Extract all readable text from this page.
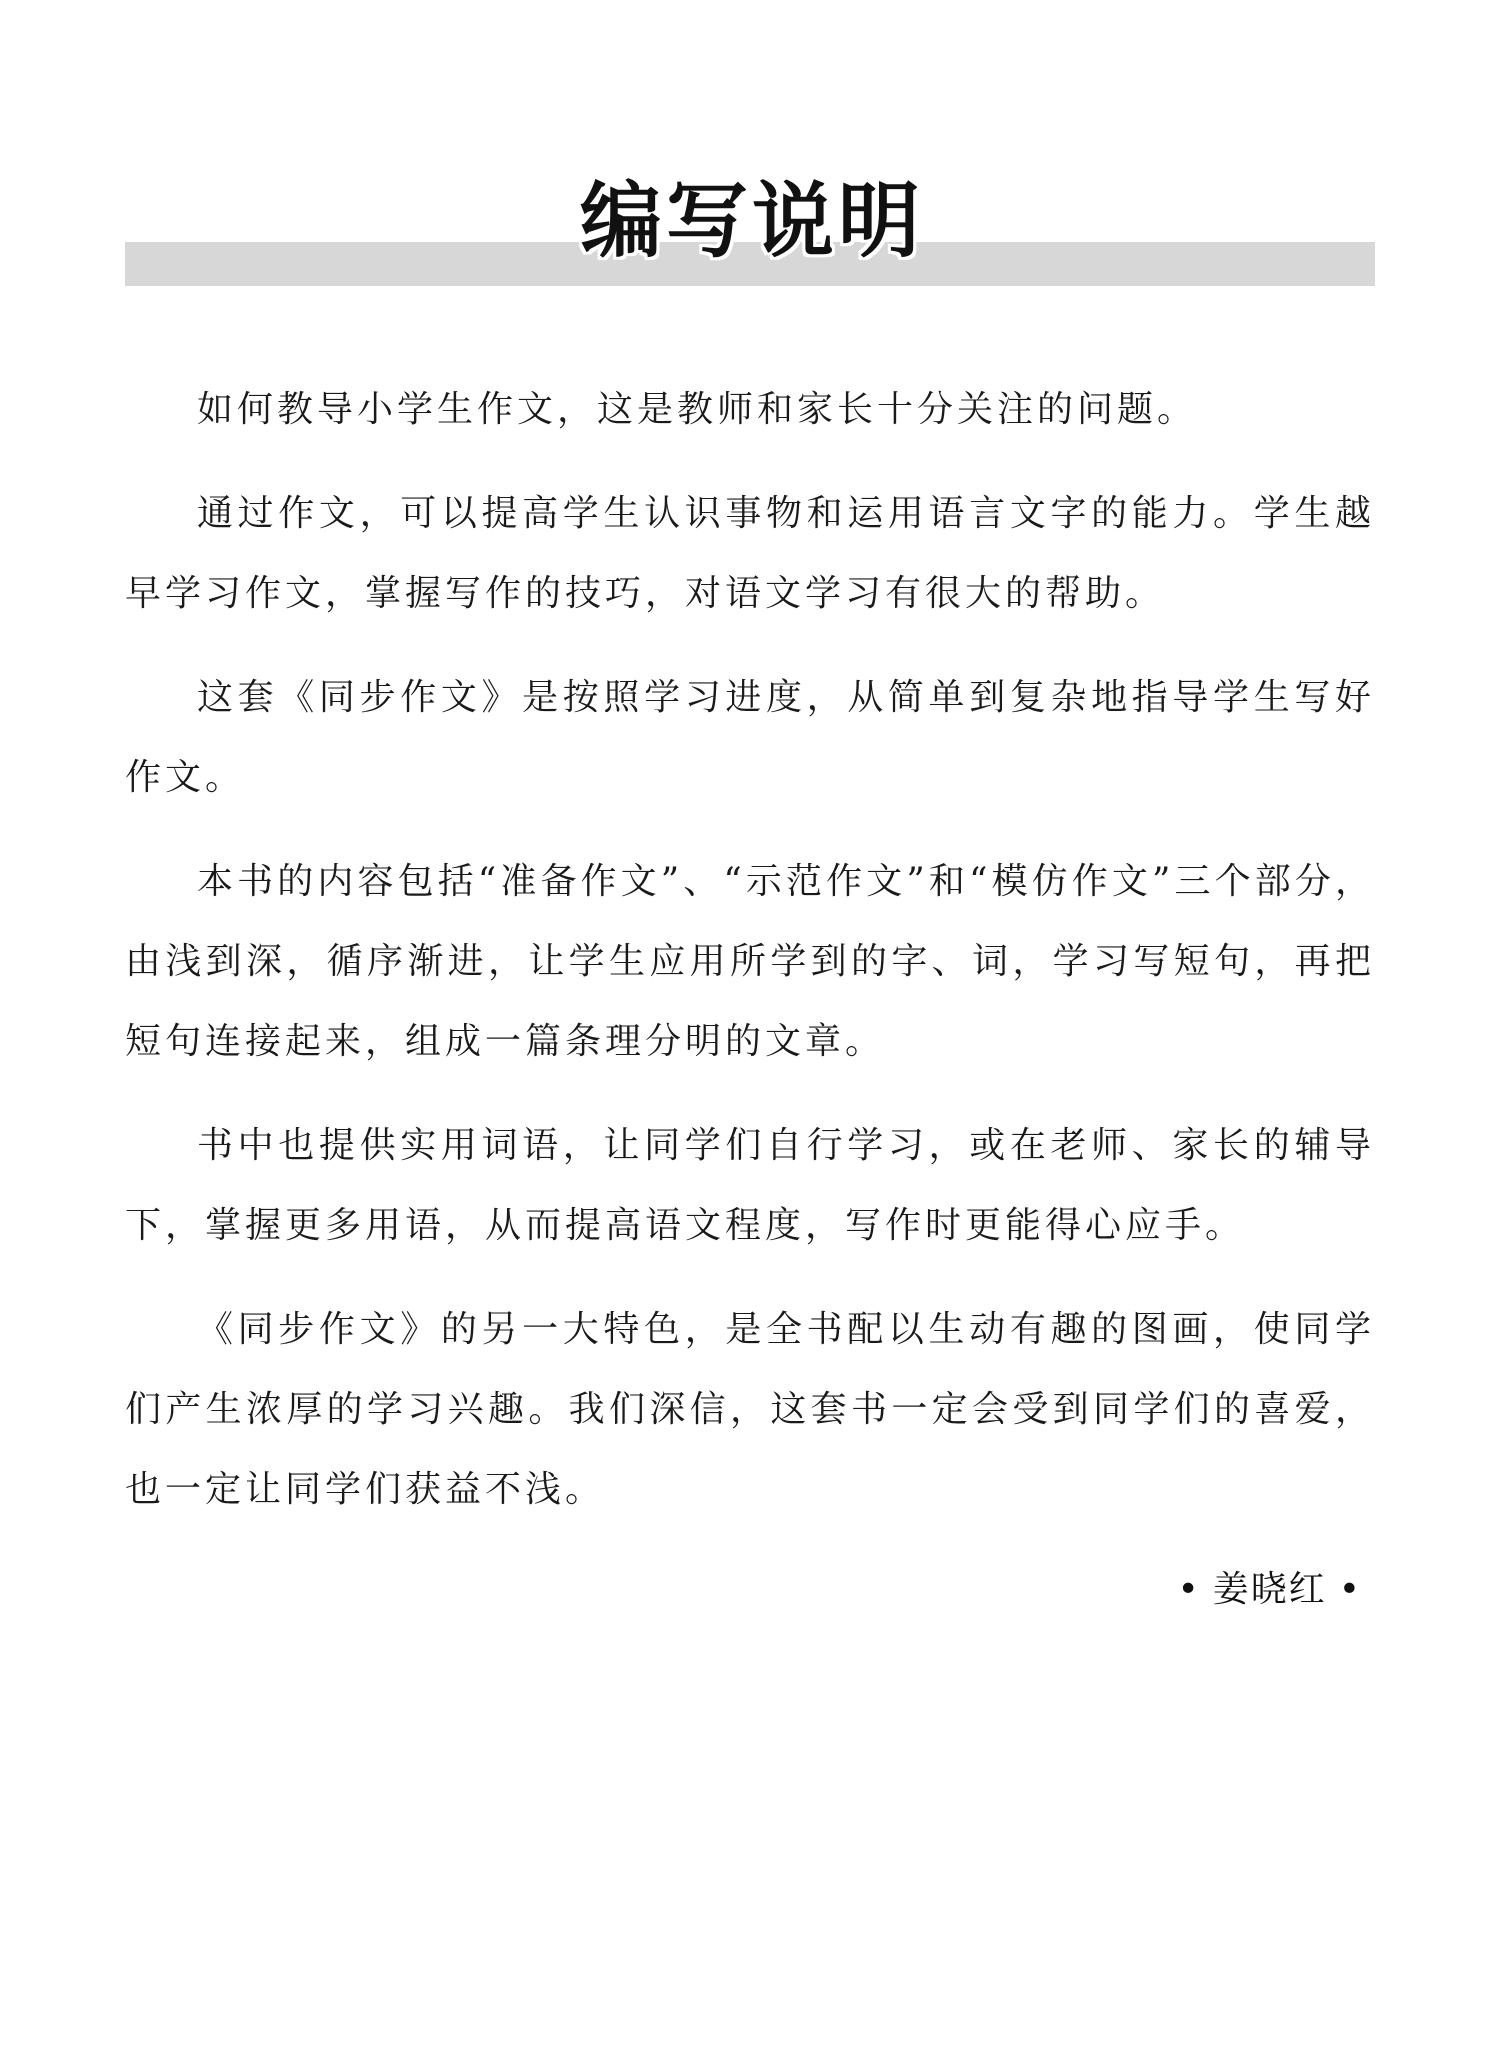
编写说明

如何教导小学生作文，这是教师和家长十分关注的问题。

通过作文，可以提高学生认识事物和运用语言文字的能力。学生越早学习作文，掌握写作的技巧，对语文学习有很大的帮助。

这套《同步作文》是按照学习进度，从简单到复杂地指导学生写好作文。

本书的内容包括“准备作文”、“示范作文”和“模仿作文”三个部分，由浅到深，循序渐进，让学生应用所学到的字、词，学习写短句，再把短句连接起来，组成一篇条理分明的文章。

书中也提供实用词语，让同学们自行学习，或在老师、家长的辅导下，掌握更多用语，从而提高语文程度，写作时更能得心应手。

《同步作文》的另一大特色，是全书配以生动有趣的图画，使同学们产生浓厚的学习兴趣。我们深信，这套书一定会受到同学们的喜爱，也一定让同学们获益不浅。

• 姜晓红 •
